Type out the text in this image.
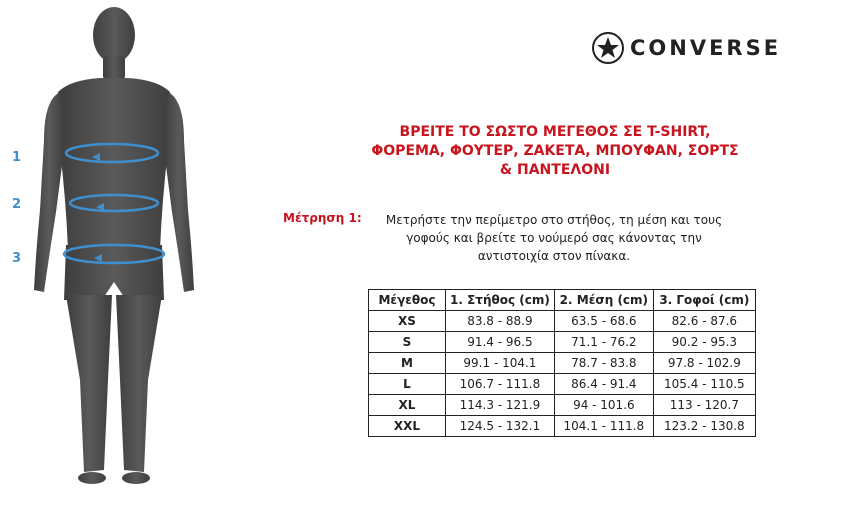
1
2
3
CONVERSE
ΒΡΕΙΤΕ ΤΟ ΣΩΣΤΟ ΜΕΓΕΘΟΣ ΣΕ T-SHIRT,
ΦΟΡΕΜΑ, ΦΟΥΤΕΡ, ΖΑΚΕΤΑ, ΜΠΟΥΦΑΝ, ΣΟΡΤΣ
& ΠΑΝΤΕΛΟΝΙ
Μέτρηση 1:	Μετρήστε την περίμετρο στο στήθος, τη μέση και τους
γοφούς και βρείτε το νούμερό σας κάνοντας την
αντιστοιχία στον πίνακα.
Μέγεθος	1. Στήθος (cm)	2. Μέση (cm)	3. Γοφοί (cm)
XS	83.8 - 88.9	63.5 - 68.6	82.6 - 87.6
S	91.4 - 96.5	71.1 - 76.2	90.2 - 95.3
M	99.1 - 104.1	78.7 - 83.8	97.8 - 102.9
L	106.7 - 111.8	86.4 - 91.4	105.4 - 110.5
XL	114.3 - 121.9	94 - 101.6	113 - 120.7
XXL	124.5 - 132.1	104.1 - 111.8	123.2 - 130.8
